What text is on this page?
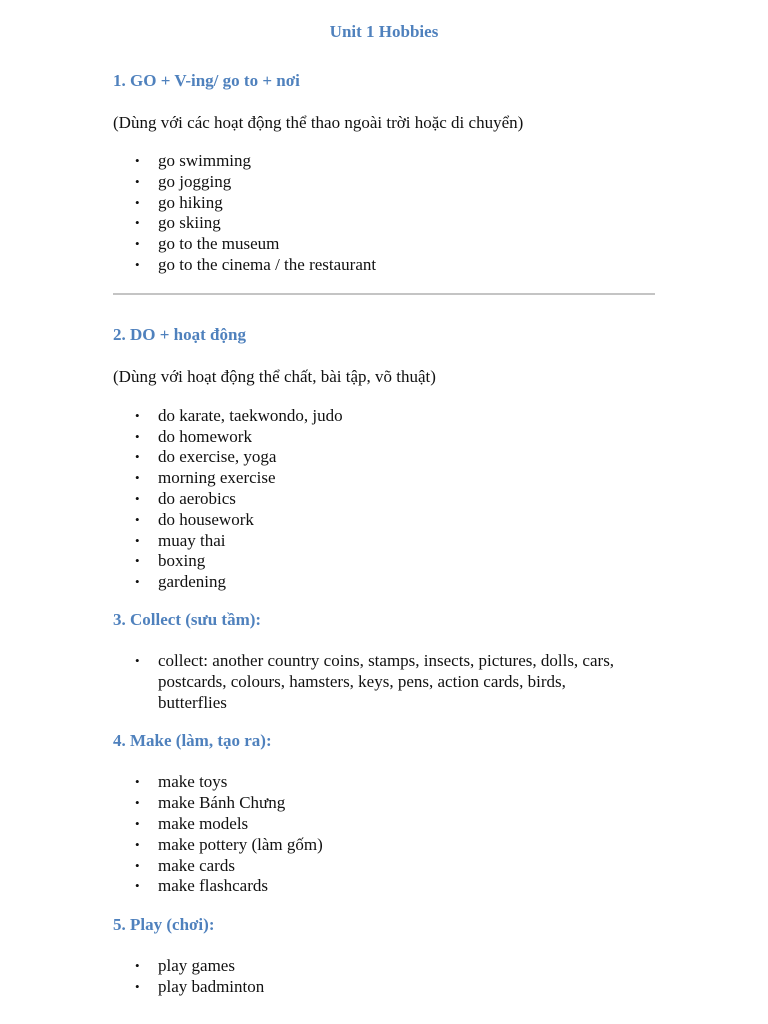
Unit 1 Hobbies
1. GO + V-ing/ go to + nơi

(Dùng với các hoạt động thể thao ngoài trời hoặc di chuyển)

• go swimming
• go jogging
• go hiking
• go skiing
• go to the museum
• go to the cinema / the restaurant
2. DO + hoạt động

(Dùng với hoạt động thể chất, bài tập, võ thuật)

• do karate, taekwondo, judo
• do homework
• do exercise, yoga
• morning exercise
• do aerobics
• do housework
• muay thai
• boxing
• gardening
3. Collect (sưu tầm):
• collect: another country coins, stamps, insects, pictures, dolls, cars, postcards, colours, hamsters, keys, pens, action cards, birds, butterflies
4. Make (làm, tạo ra):
• make toys
• make Bánh Chưng
• make models
• make pottery (làm gốm)
• make cards
• make flashcards
5. Play (chơi):
• play games
• play badminton
